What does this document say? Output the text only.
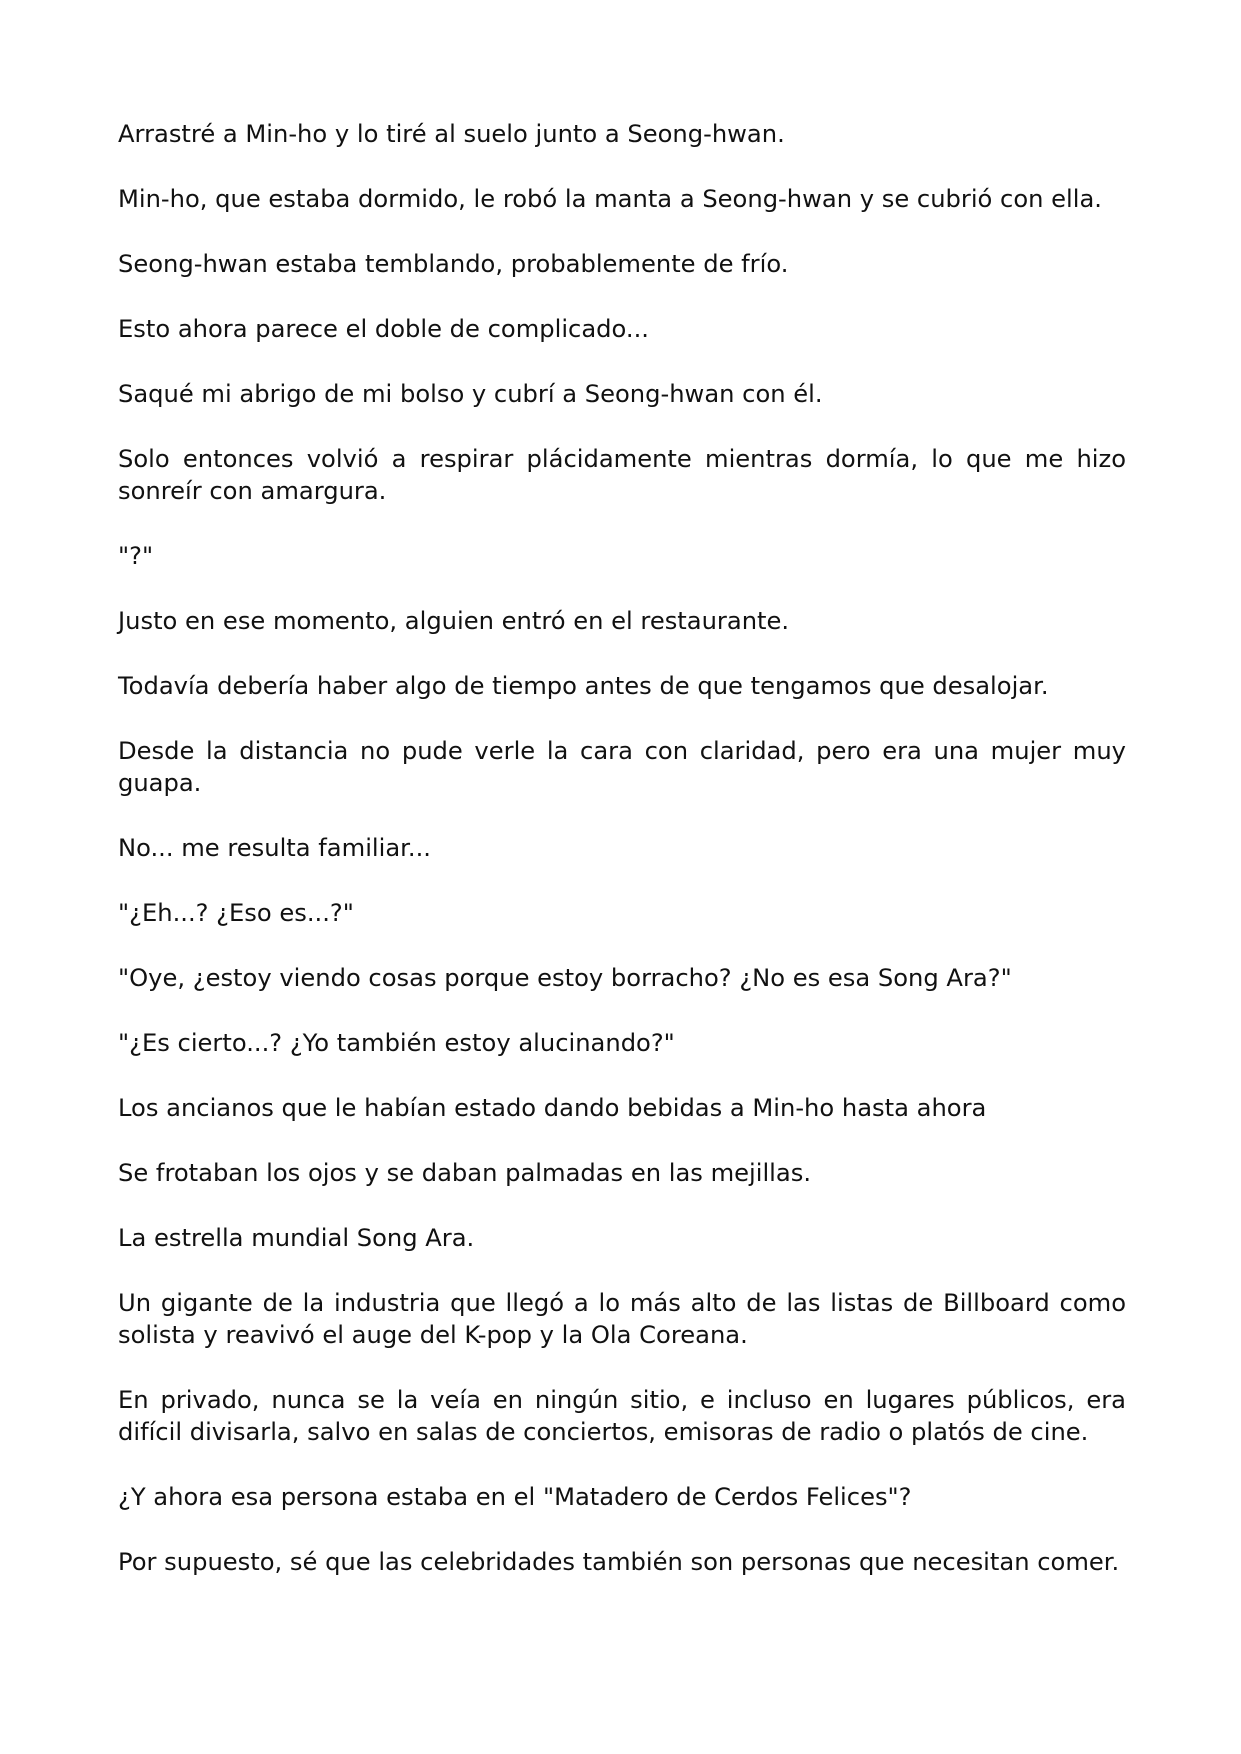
Arrastré a Min-ho y lo tiré al suelo junto a Seong-hwan.

Min-ho, que estaba dormido, le robó la manta a Seong-hwan y se cubrió con ella.

Seong-hwan estaba temblando, probablemente de frío.

Esto ahora parece el doble de complicado...

Saqué mi abrigo de mi bolso y cubrí a Seong-hwan con él.

Solo entonces volvió a respirar plácidamente mientras dormía, lo que me hizo sonreír con amargura.

"?"

Justo en ese momento, alguien entró en el restaurante.

Todavía debería haber algo de tiempo antes de que tengamos que desalojar.

Desde la distancia no pude verle la cara con claridad, pero era una mujer muy guapa.

No... me resulta familiar...

"¿Eh...? ¿Eso es...?"

"Oye, ¿estoy viendo cosas porque estoy borracho? ¿No es esa Song Ara?"

"¿Es cierto...? ¿Yo también estoy alucinando?"

Los ancianos que le habían estado dando bebidas a Min-ho hasta ahora

Se frotaban los ojos y se daban palmadas en las mejillas.

La estrella mundial Song Ara.

Un gigante de la industria que llegó a lo más alto de las listas de Billboard como solista y reavivó el auge del K-pop y la Ola Coreana.

En privado, nunca se la veía en ningún sitio, e incluso en lugares públicos, era difícil divisarla, salvo en salas de conciertos, emisoras de radio o platós de cine.

¿Y ahora esa persona estaba en el "Matadero de Cerdos Felices"?

Por supuesto, sé que las celebridades también son personas que necesitan comer.
